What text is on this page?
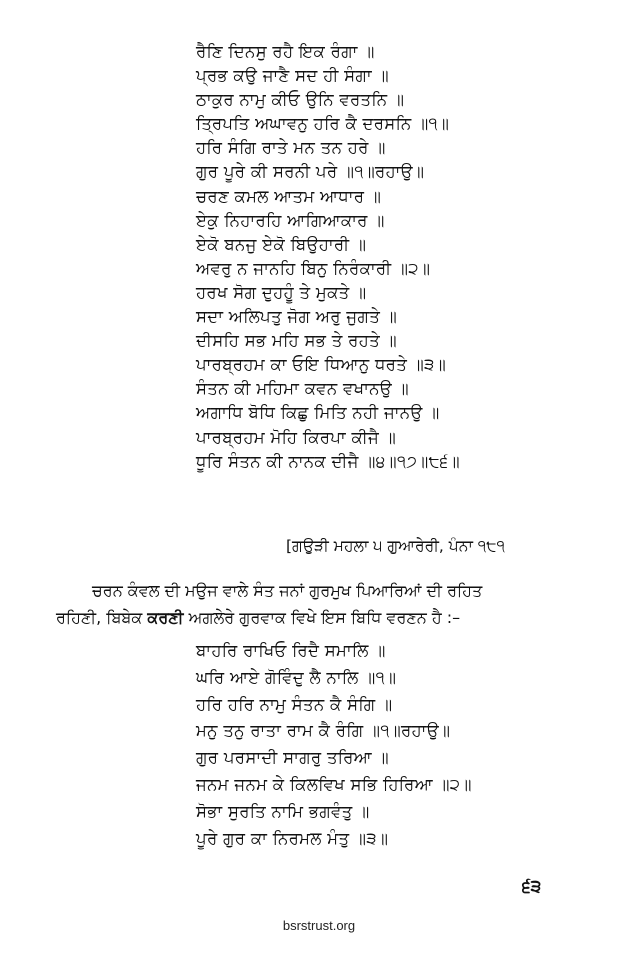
ਰੈਣਿ ਦਿਨਸੁ ਰਹੈ ਇਕ ਰੰਗਾ ॥
ਪ੍ਰਭ ਕਉ ਜਾਣੈ ਸਦ ਹੀ ਸੰਗਾ ॥
ਠਾਕੁਰ ਨਾਮੁ ਕੀਓ ਉਨਿ ਵਰਤਨਿ ॥
ਤ੍ਰਿਪਤਿ ਅਘਾਵਨੁ ਹਰਿ ਕੈ ਦਰਸਨਿ ॥੧॥
ਹਰਿ ਸੰਗਿ ਰਾਤੇ ਮਨ ਤਨ ਹਰੇ ॥
ਗੁਰ ਪੂਰੇ ਕੀ ਸਰਨੀ ਪਰੇ ॥੧॥ਰਹਾਉ॥
ਚਰਣ ਕਮਲ ਆਤਮ ਆਧਾਰ ॥
ਏਕੁ ਨਿਹਾਰਹਿ ਆਗਿਆਕਾਰ ॥
ਏਕੋ ਬਨਜੁ ਏਕੋ ਬਿਉਹਾਰੀ ॥
ਅਵਰੁ ਨ ਜਾਨਹਿ ਬਿਨੁ ਨਿਰੰਕਾਰੀ ॥੨॥
ਹਰਖ ਸੋਗ ਦੁਹਹੂੰ ਤੇ ਮੁਕਤੇ ॥
ਸਦਾ ਅਲਿਪਤੁ ਜੋਗ ਅਰੁ ਜੁਗਤੇ ॥
ਦੀਸਹਿ ਸਭ ਮਹਿ ਸਭ ਤੇ ਰਹਤੇ ॥
ਪਾਰਬ੍ਰਹਮ ਕਾ ਓਇ ਧਿਆਨੁ ਧਰਤੇ ॥੩॥
ਸੰਤਨ ਕੀ ਮਹਿਮਾ ਕਵਨ ਵਖਾਨਉ ॥
ਅਗਾਧਿ ਬੋਧਿ ਕਿਛੁ ਮਿਤਿ ਨਹੀ ਜਾਨਉ ॥
ਪਾਰਬ੍ਰਹਮ ਮੋਹਿ ਕਿਰਪਾ ਕੀਜੈ ॥
ਧੂਰਿ ਸੰਤਨ ਕੀ ਨਾਨਕ ਦੀਜੈ ॥੪॥੧੭॥੮੬॥
[ਗਉੜੀ ਮਹਲਾ ੫ ਗੁਆਰੇਰੀ, ਪੰਨਾ ੧੮੧
ਚਰਨ ਕੰਵਲ ਦੀ ਮਉਜ ਵਾਲੇ ਸੰਤ ਜਨਾਂ ਗੁਰਮੁਖ ਪਿਆਰਿਆਂ ਦੀ ਰਹਿਤ
ਰਹਿਣੀ, ਬਿਬੇਕ ਕਰਣੀ ਅਗਲੇਰੇ ਗੁਰਵਾਕ ਵਿਖੇ ਇਸ ਬਿਧਿ ਵਰਣਨ ਹੈ :–
ਬਾਹਰਿ ਰਾਖਿਓ ਰਿਦੈ ਸਮਾਲਿ ॥
ਘਰਿ ਆਏ ਗੋਵਿੰਦੁ ਲੈ ਨਾਲਿ ॥੧॥
ਹਰਿ ਹਰਿ ਨਾਮੁ ਸੰਤਨ ਕੈ ਸੰਗਿ ॥
ਮਨੁ ਤਨੁ ਰਾਤਾ ਰਾਮ ਕੈ ਰੰਗਿ ॥੧॥ਰਹਾਉ॥
ਗੁਰ ਪਰਸਾਦੀ ਸਾਗਰੁ ਤਰਿਆ ॥
ਜਨਮ ਜਨਮ ਕੇ ਕਿਲਵਿਖ ਸਭਿ ਹਿਰਿਆ ॥੨॥
ਸੋਭਾ ਸੁਰਤਿ ਨਾਮਿ ਭਗਵੰਤੁ ॥
ਪੂਰੇ ਗੁਰ ਕਾ ਨਿਰਮਲ ਮੰਤੁ ॥੩॥
੬੩
bsrstrust.org
